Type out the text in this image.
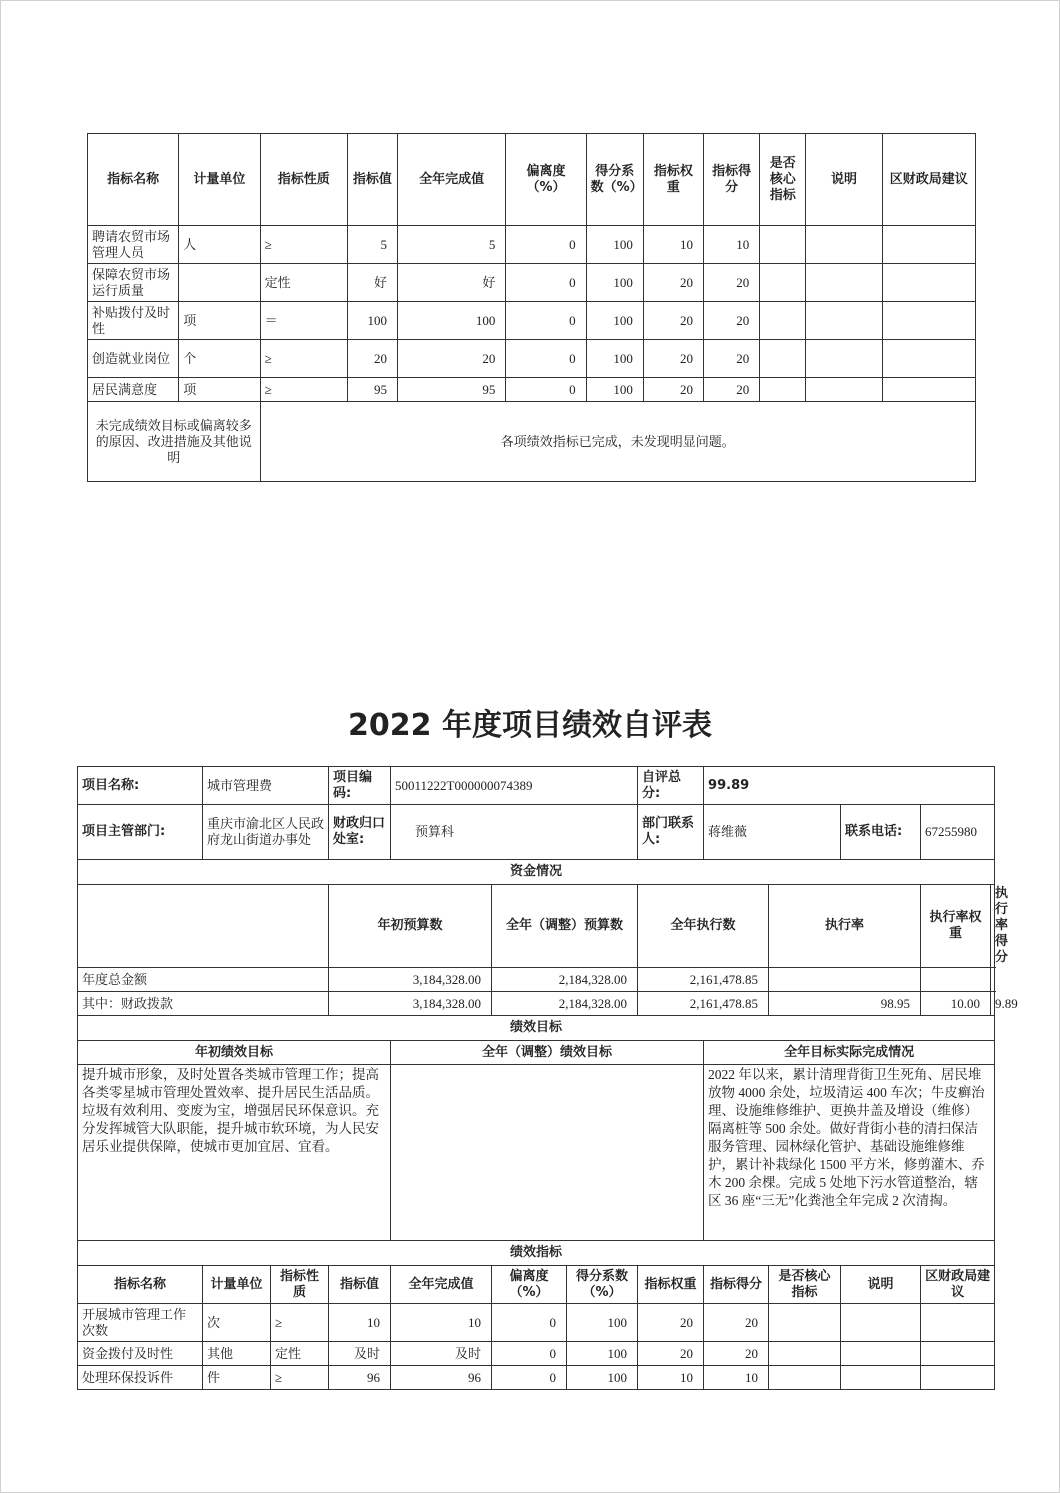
指标名称	计量单位	指标性质	指标值	全年完成值	偏离度（%）	得分系数（%）	指标权重	指标得分	是否核心指标	说明	区财政局建议
聘请农贸市场管理人员	人	≥	5	5	0	100	10	10			
保障农贸市场运行质量		定性	好	好	0	100	20	20			
补贴拨付及时性	项	＝	100	100	0	100	20	20			
创造就业岗位	个	≥	20	20	0	100	20	20			
居民满意度	项	≥	95	95	0	100	20	20			
未完成绩效目标或偏离较多的原因、改进措施及其他说明		各项绩效指标已完成，未发现明显问题。									
2022 年度项目绩效自评表
项目名称:	城市管理费		项目编码:	50011222T000000074389			自评总分:	99.89				
项目主管部门:	重庆市渝北区人民政府龙山街道办事处		财政归口处室:	预算科			部门联系人:	蒋维薇		联系电话:	67255980	
资金情况												
			年初预算数		全年（调整）预算数		全年执行数		执行率		执行率权重	执行率得分
年度总金额			3,184,328.00		2,184,328.00		2,161,478.85					
其中：财政拨款			3,184,328.00		2,184,328.00		2,161,478.85		98.95		10.00	9.89
绩效目标												
年初绩效目标				全年（调整）绩效目标				全年目标实际完成情况				
提升城市形象，及时处置各类城市管理工作；提高各类零星城市管理处置效率、提升居民生活品质。垃圾有效利用、变废为宝，增强居民环保意识。充分发挥城管大队职能，提升城市软环境，为人民安居乐业提供保障，使城市更加宜居、宜看。								2022 年以来，累计清理背街卫生死角、居民堆放物 4000 余处，垃圾清运 400 车次；牛皮癣治理、设施维修维护、更换井盖及增设（维修）隔离桩等 500 余处。做好背街小巷的清扫保洁服务管理、园林绿化管护、基础设施维修维护，累计补栽绿化 1500 平方米，修剪灌木、乔木 200 余棵。完成 5 处地下污水管道整治，辖区 36 座“三无”化粪池全年完成 2 次清掏。				
绩效指标												
指标名称	计量单位	指标性质	指标值	全年完成值	偏离度（%）	得分系数（%）	指标权重	指标得分	是否核心指标	说明	区财政局建议	
开展城市管理工作次数	次	≥	10	10	0	100	20	20				
资金拨付及时性	其他	定性	及时	及时	0	100	20	20				
处理环保投诉件	件	≥	96	96	0	100	10	10				
